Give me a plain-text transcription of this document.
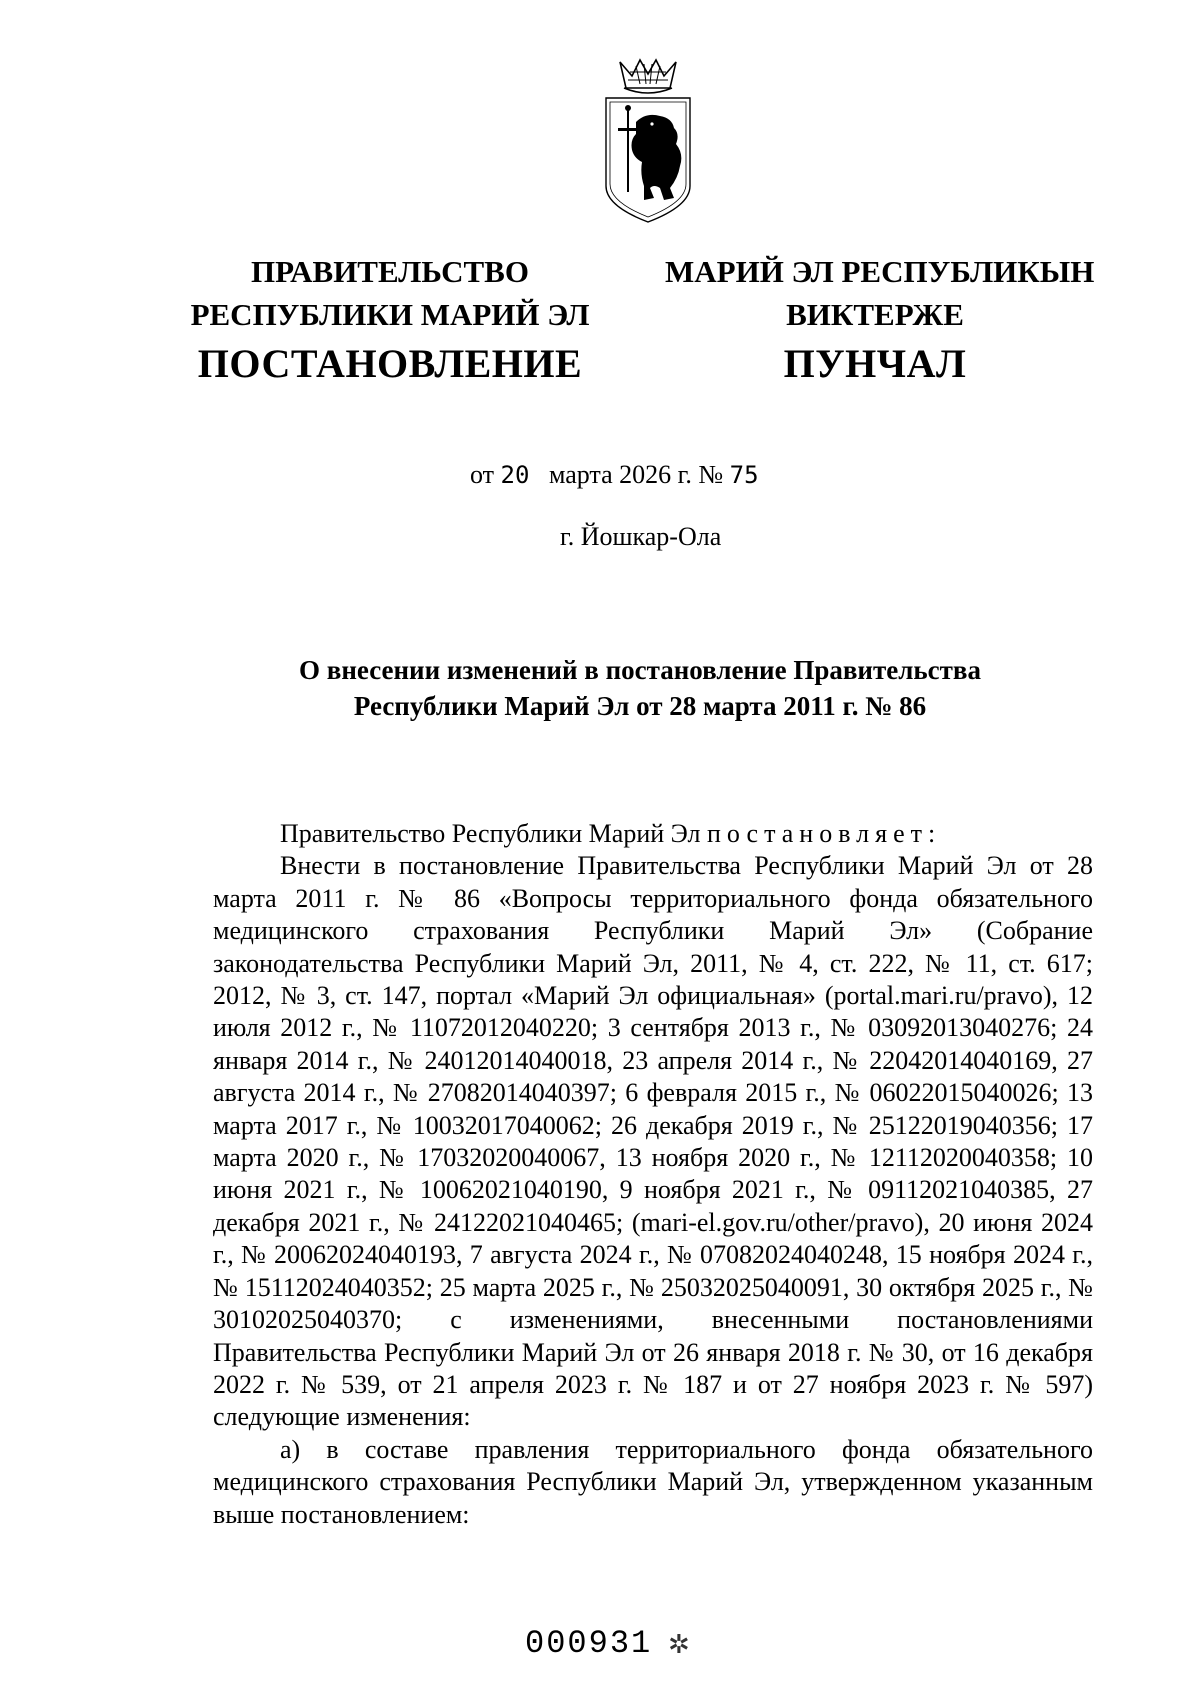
ПРАВИТЕЛЬСТВО
РЕСПУБЛИКИ МАРИЙ ЭЛ
ПОСТАНОВЛЕНИЕ
МАРИЙ ЭЛ РЕСПУБЛИКЫН
ВИКТЕРЖЕ
ПУНЧАЛ
от 20 марта 2026 г. № 75
г. Йошкар-Ола
О внесении изменений в постановление Правительства
Республики Марий Эл от 28 марта 2011 г. № 86

Правительство Республики Марий Эл постановляет:

Внести в постановление Правительства Республики Марий Эл от 28 марта 2011 г. № 86 «Вопросы территориального фонда обязательного медицинского страхования Республики Марий Эл» (Собрание законодательства Республики Марий Эл, 2011, № 4, ст. 222, № 11, ст. 617; 2012, № 3, ст. 147, портал «Марий Эл официальная» (portal.mari.ru/pravo), 12 июля 2012 г., № 11072012040220; 3 сентября 2013 г., № 03092013040276; 24 января 2014 г., № 24012014040018, 23 апреля 2014 г., № 22042014040169, 27 августа 2014 г., № 27082014040397; 6 февраля 2015 г., № 06022015040026; 13 марта 2017 г., № 10032017040062; 26 декабря 2019 г., № 25122019040356; 17 марта 2020 г., № 17032020040067, 13 ноября 2020 г., № 12112020040358; 10 июня 2021 г., № 10062021040190, 9 ноября 2021 г., № 09112021040385, 27 декабря 2021 г., № 24122021040465; (mari-el.gov.ru/other/pravo), 20 июня 2024 г., № 20062024040193, 7 августа 2024 г., № 07082024040248, 15 ноября 2024 г., № 15112024040352; 25 марта 2025 г., № 25032025040091, 30 октября 2025 г., № 30102025040370; с изменениями, внесенными постановлениями Правительства Республики Марий Эл от 26 января 2018 г. № 30, от 16 декабря 2022 г. № 539, от 21 апреля 2023 г. № 187 и от 27 ноября 2023 г. № 597) следующие изменения:

а) в составе правления территориального фонда обязательного медицинского страхования Республики Марий Эл, утвержденном указанным выше постановлением:

000931 ✲
